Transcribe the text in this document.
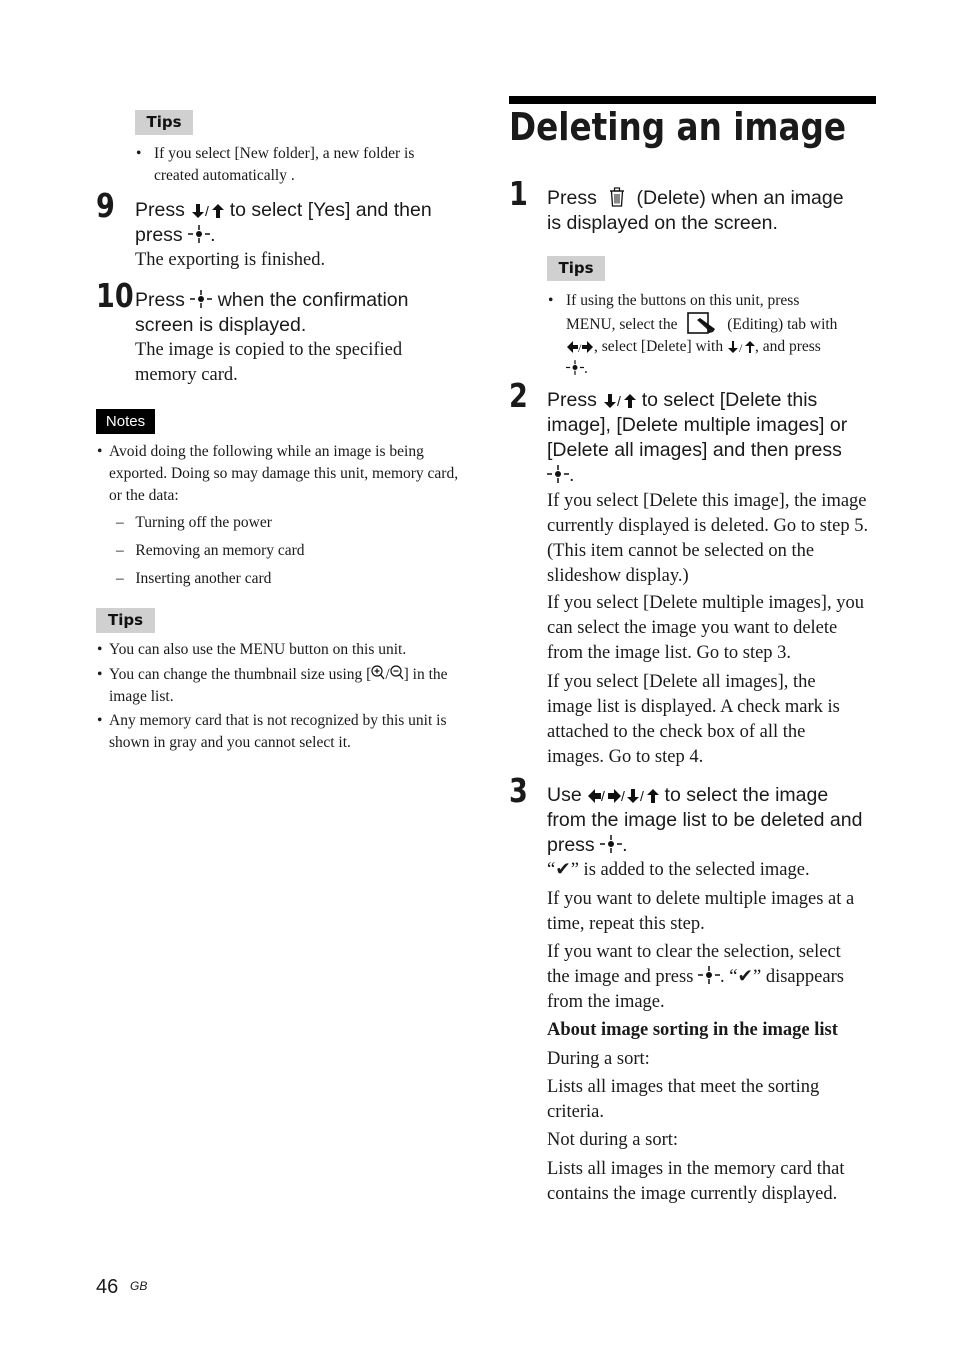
Tips
• If you select [New folder], a new folder is created automatically .
9 Press / to select [Yes] and then
press .
The exporting is finished.
10 Press when the confirmation
screen is displayed.
The image is copied to the specified memory card.
Notes
• Avoid doing the following while an image is being exported. Doing so may damage this unit, memory card, or the data:
–   Turning off the power
–   Removing an memory card
–   Inserting another card
Tips
• You can also use the MENU button on this unit.
• You can change the thumbnail size using [ / ] in the image list.
• Any memory card that is not recognized by this unit is shown in gray and you cannot select it.
Deleting an image
1 Press (Delete) when an image
is displayed on the screen.
Tips
• If using the buttons on this unit, press
MENU, select the	(Editing) tab with
/ , select [Delete] with / , and press
.
2 Press / to select [Delete this
image], [Delete multiple images] or
[Delete all images] and then press
.
If you select [Delete this image], the image currently displayed is deleted. Go to step 5. (This item cannot be selected on the slideshow display.)
If you select [Delete multiple images], you can select the image you want to delete from the image list. Go to step 3.
If you select [Delete all images], the image list is displayed. A check mark is attached to the check box of all the images. Go to step 4.
3 Use / / / to select the image
from the image list to be deleted and
press .
“✔” is added to the selected image.
If you want to delete multiple images at a time, repeat this step.
If you want to clear the selection, select
the image and press . “✔” disappears
from the image.
About image sorting in the image list
During a sort:
Lists all images that meet the sorting criteria.
Not during a sort:
Lists all images in the memory card that contains the image currently displayed.
46 GB
